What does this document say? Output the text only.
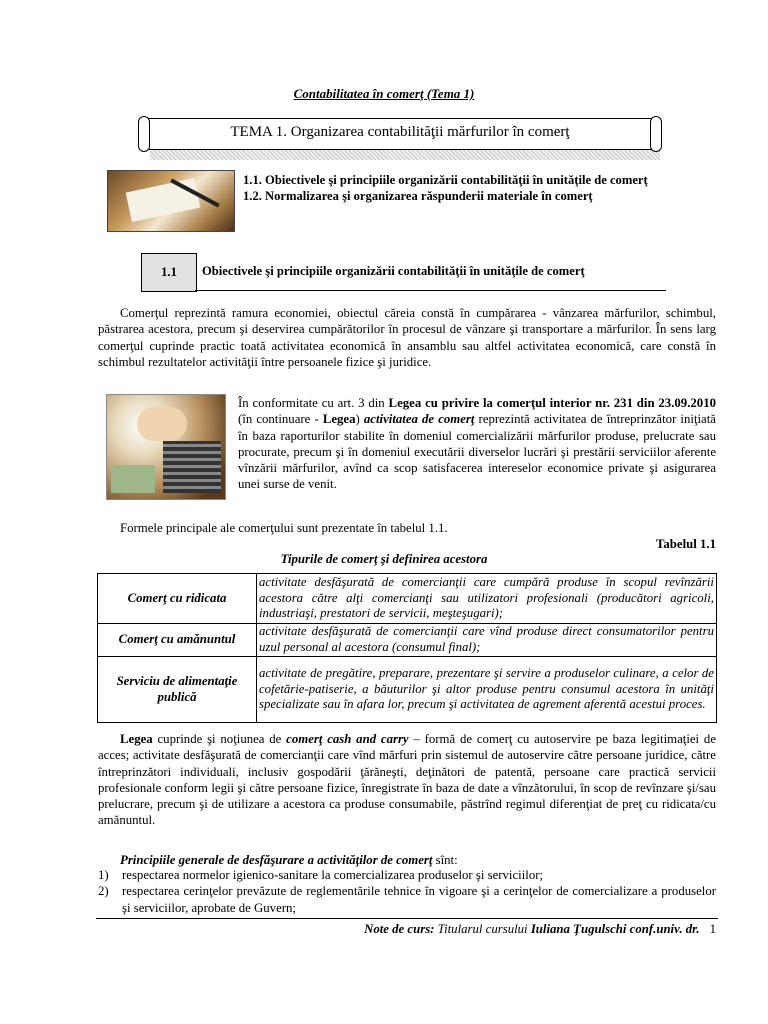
Contabilitatea în comerţ (Tema 1)
TEMA 1. Organizarea contabilităţii mărfurilor în comerţ
1.1. Obiectivele şi principiile organizării contabilităţii în unităţile de comerţ
1.2. Normalizarea şi organizarea răspunderii materiale în comerţ
1.1	Obiectivele şi principiile organizării contabilităţii în unităţile de comerţ
Comerţul reprezintă ramura economiei, obiectul căreia constă în cumpărarea - vânzarea mărfurilor, schimbul, păstrarea acestora, precum şi deservirea cumpărătorilor în procesul de vânzare şi transportare a mărfurilor. În sens larg comerţul cuprinde practic toată activitatea economică în ansamblu sau altfel activitatea economică, care constă în schimbul rezultatelor activităţii între persoanele fizice şi juridice.
În conformitate cu art. 3 din Legea cu privire la comerţul interior nr. 231 din 23.09.2010 (în continuare - Legea) activitatea de comerţ reprezintă activitatea de întreprinzător iniţiată în baza raporturilor stabilite în domeniul comercializării mărfurilor produse, prelucrate sau procurate, precum şi în domeniul executării diverselor lucrări şi prestării serviciilor aferente vînzării mărfurilor, avînd ca scop satisfacerea intereselor economice private şi asigurarea unei surse de venit.
Formele principale ale comerţului sunt prezentate în tabelul 1.1.
Tabelul 1.1
Tipurile de comerţ şi definirea acestora
Comerţ cu ridicata	activitate desfăşurată de comercianţii care cumpără produse în scopul revînzării acestora către alţi comercianţi sau utilizatori profesionali (producători agricoli, industriaşi, prestatori de servicii, meşteşugari);
Comerţ cu amănuntul	activitate desfăşurată de comercianţii care vînd produse direct consumatorilor pentru uzul personal al acestora (consumul final);
Serviciu de alimentaţie publică	activitate de pregătire, preparare, prezentare şi servire a produselor culinare, a celor de cofetărie-patiserie, a băuturilor şi altor produse pentru consumul acestora în unităţi specializate sau în afara lor, precum şi activitatea de agrement aferentă acestui proces.
Legea cuprinde şi noţiunea de comerţ cash and carry – formă de comerţ cu autoservire pe baza legitimaţiei de acces; activitate desfăşurată de comercianţii care vînd mărfuri prin sistemul de autoservire către persoane juridice, către întreprinzători individuali, inclusiv gospodării ţărăneşti, deţinători de patentă, persoane care practică servicii profesionale conform legii şi către persoane fizice, înregistrate în baza de date a vînzătorului, în scop de revînzare şi/sau prelucrare, precum şi de utilizare a acestora ca produse consumabile, păstrînd regimul diferenţiat de preţ cu ridicata/cu amănuntul.
Principiile generale de desfăşurare a activităţilor de comerţ sînt:
1)	respectarea normelor igienico-sanitare la comercializarea produselor şi serviciilor;
2)	respectarea cerinţelor prevăzute de reglementările tehnice în vigoare şi a cerinţelor de comercializare a produselor şi serviciilor, aprobate de Guvern;
Note de curs: Titularul cursului Iuliana Ţugulschi conf.univ. dr. 1
